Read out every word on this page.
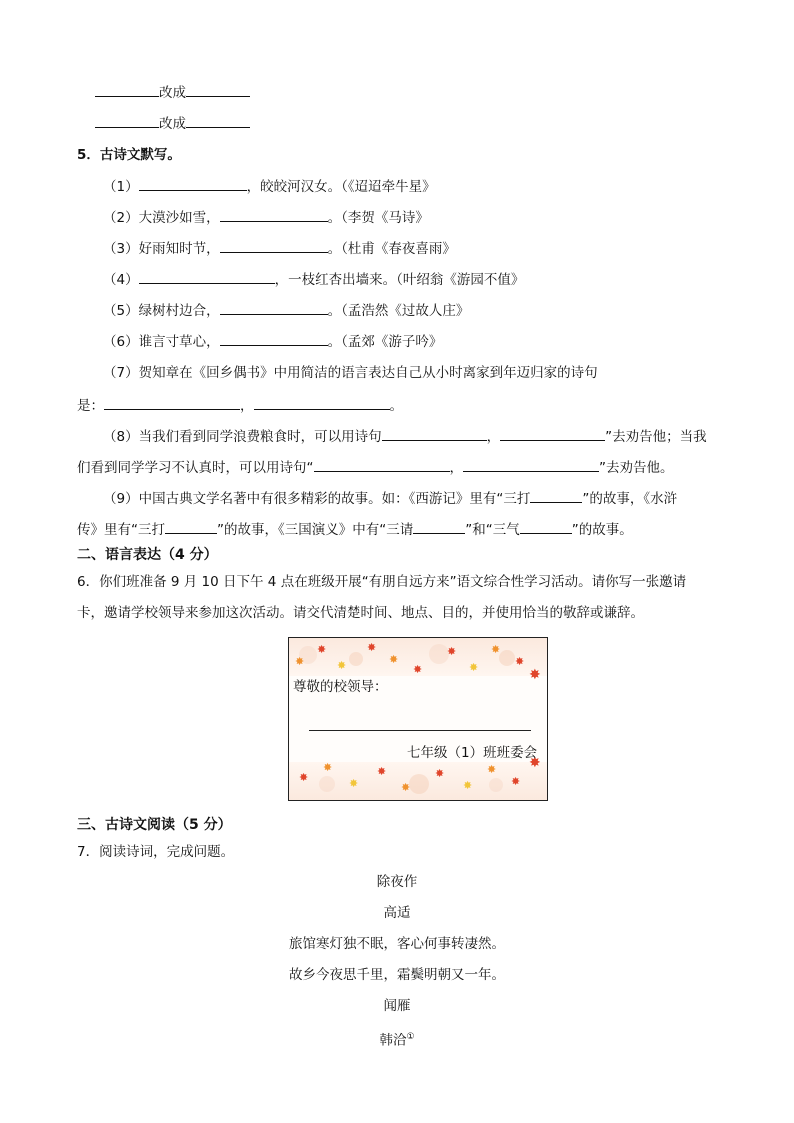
改成
改成
5．古诗文默写。
（1）	，皎皎河汉女。（《迢迢牵牛星》
（2）大漠沙如雪，	。（李贺《马诗》
（3）好雨知时节，	。（杜甫《春夜喜雨》
（4）	，一枝红杏出墙来。（叶绍翁《游园不值》
（5）绿树村边合，	。（孟浩然《过故人庄》
（6）谁言寸草心，	。（孟郊《游子吟》
（7）贺知章在《回乡偶书》中用简洁的语言表达自己从小时离家到年迈归家的诗句
是：	，	。
（8）当我们看到同学浪费粮食时，可以用诗句	，	”去劝告他；当我
们看到同学学习不认真时，可以用诗句“	，	”去劝告他。
（9）中国古典文学名著中有很多精彩的故事。如：《西游记》里有“三打	”的故事，《水浒
传》里有“三打	”的故事，《三国演义》中有“三请	”和“三气	”的故事。
二、语言表达（4 分）
6．你们班准备 9 月 10 日下午 4 点在班级开展“有朋自远方来”语文综合性学习活动。请你写一张邀请
卡，邀请学校领导来参加这次活动。请交代清楚时间、地点、目的，并使用恰当的敬辞或谦辞。
✸
✸
✸
✸
✸
✸
✸
✸
✸
✸
✸
✸
✸
✸
✸
✸
✸
✸
✸
✸
✸
尊敬的校领导：
七年级（1）班班委会
三、古诗文阅读（5 分）
7．阅读诗词，完成问题。
除夜作
高适
旅馆寒灯独不眠，客心何事转凄然。
故乡今夜思千里，霜鬓明朝又一年。
闻雁
韩洽①
